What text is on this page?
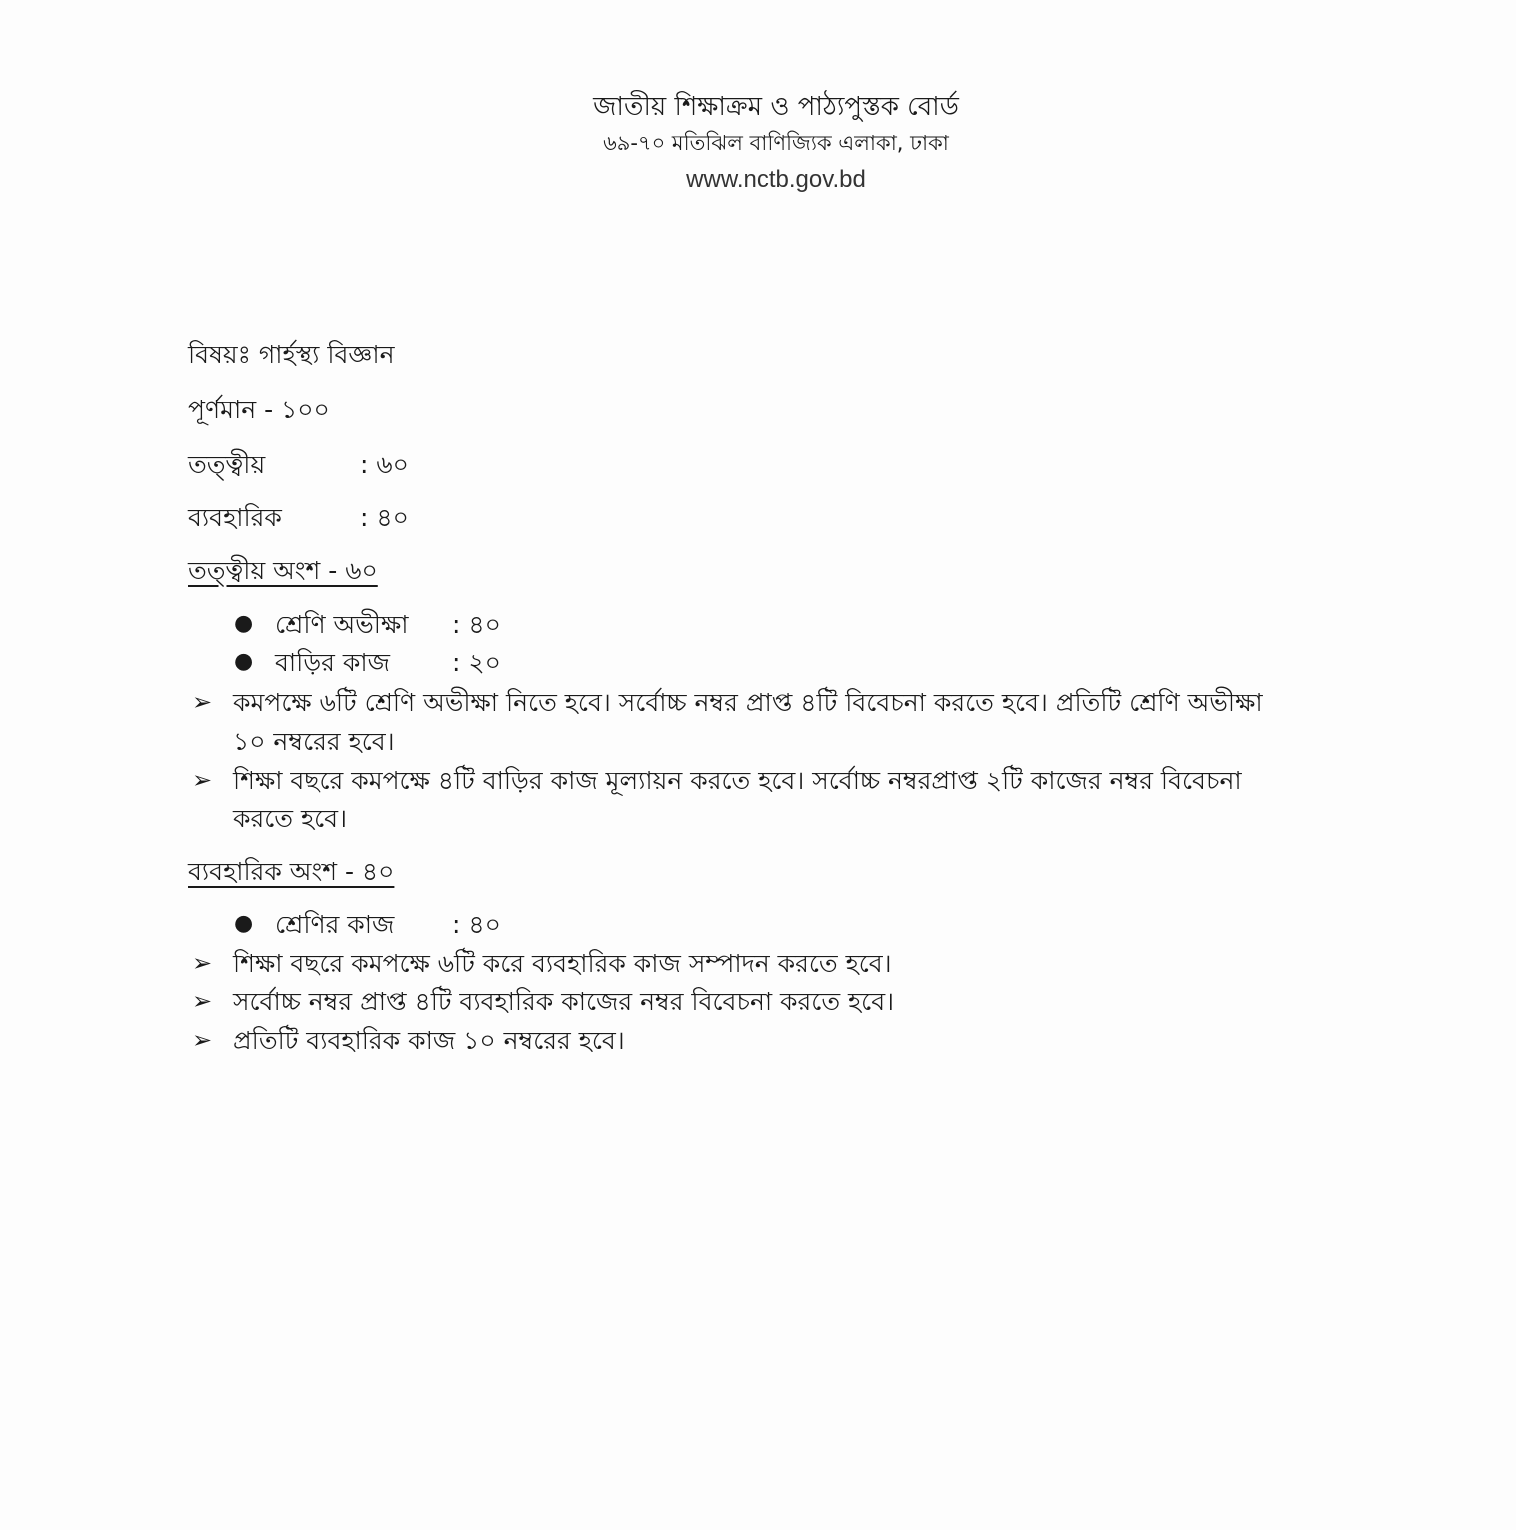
জাতীয় শিক্ষাক্রম ও পাঠ্যপুস্তক বোর্ড
৬৯-৭০ মতিঝিল বাণিজ্যিক এলাকা, ঢাকা
www.nctb.gov.bd
বিষয়ঃ গার্হস্থ্য বিজ্ঞান
পূর্ণমান - ১০০
তত্ত্বীয়	: ৬০
ব্যবহারিক	: ৪০
তত্ত্বীয় অংশ - ৬০
● শ্রেণি অভীক্ষা : ৪০
● বাড়ির কাজ : ২০
➢ কমপক্ষে ৬টি শ্রেণি অভীক্ষা নিতে হবে। সর্বোচ্চ নম্বর প্রাপ্ত ৪টি বিবেচনা করতে হবে। প্রতিটি শ্রেণি অভীক্ষা
১০ নম্বরের হবে।
➢ শিক্ষা বছরে কমপক্ষে ৪টি বাড়ির কাজ মূল্যায়ন করতে হবে। সর্বোচ্চ নম্বরপ্রাপ্ত ২টি কাজের নম্বর বিবেচনা
করতে হবে।
ব্যবহারিক অংশ - ৪০
● শ্রেণির কাজ : ৪০
➢ শিক্ষা বছরে কমপক্ষে ৬টি করে ব্যবহারিক কাজ সম্পাদন করতে হবে।
➢ সর্বোচ্চ নম্বর প্রাপ্ত ৪টি ব্যবহারিক কাজের নম্বর বিবেচনা করতে হবে।
➢ প্রতিটি ব্যবহারিক কাজ ১০ নম্বরের হবে।
